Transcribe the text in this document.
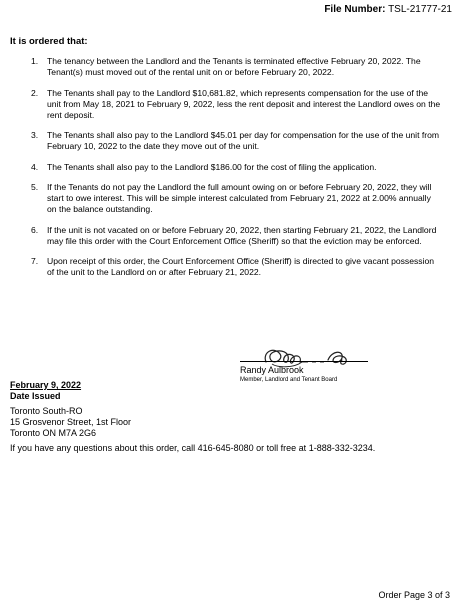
File Number: TSL-21777-21
It is ordered that:
1. The tenancy between the Landlord and the Tenants is terminated effective February 20, 2022. The Tenant(s) must moved out of the rental unit on or before February 20, 2022.
2. The Tenants shall pay to the Landlord $10,681.82, which represents compensation for the use of the unit from May 18, 2021 to February 9, 2022, less the rent deposit and interest the Landlord owes on the rent deposit.
3. The Tenants shall also pay to the Landlord $45.01 per day for compensation for the use of the unit from February 10, 2022 to the date they move out of the unit.
4. The Tenants shall also pay to the Landlord $186.00 for the cost of filing the application.
5. If the Tenants do not pay the Landlord the full amount owing on or before February 20, 2022, they will start to owe interest. This will be simple interest calculated from February 21, 2022 at 2.00% annually on the balance outstanding.
6. If the unit is not vacated on or before February 20, 2022, then starting February 21, 2022, the Landlord may file this order with the Court Enforcement Office (Sheriff) so that the eviction may be enforced.
7. Upon receipt of this order, the Court Enforcement Office (Sheriff) is directed to give vacant possession of the unit to the Landlord on or after February 21, 2022.
Randy Aulbrook
Member, Landlord and Tenant Board
February 9, 2022
Date Issued
Toronto South-RO
15 Grosvenor Street, 1st Floor
Toronto ON M7A 2G6
If you have any questions about this order, call 416-645-8080 or toll free at 1-888-332-3234.
Order Page 3 of 3
